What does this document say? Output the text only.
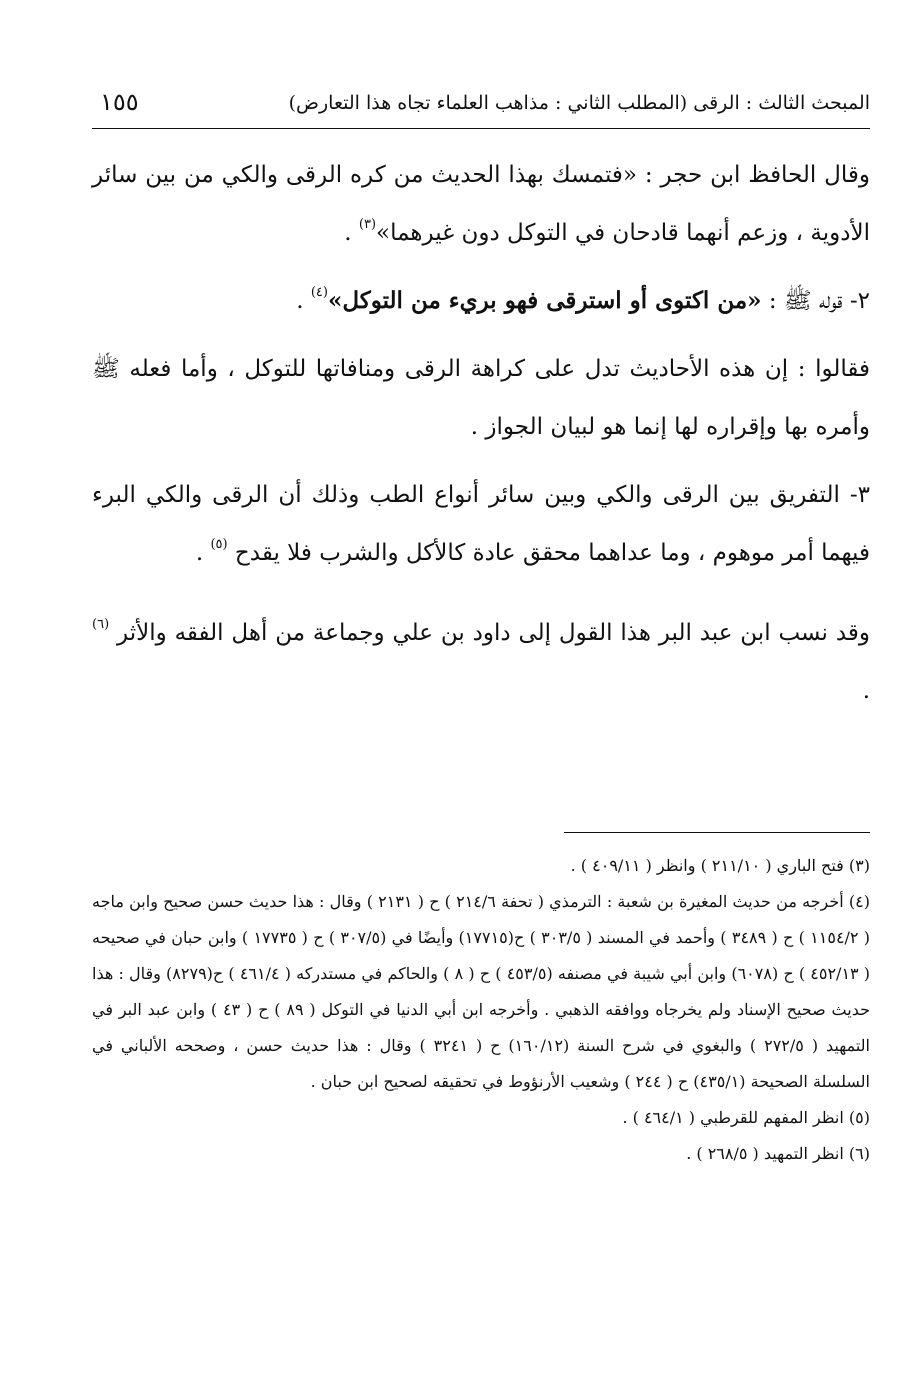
المبحث الثالث : الرقى (المطلب الثاني : مذاهب العلماء تجاه هذا التعارض)
١٥٥

وقال الحافظ ابن حجر : «فتمسك بهذا الحديث من كره الرقى والكي من بين سائر الأدوية ، وزعم أنهما قادحان في التوكل دون غيرهما»$^{(٣)}$ .

٢- قوله ﷺ : «من اكتوى أو استرقى فهو بريء من التوكل»$^{(٤)}$ .

فقالوا : إن هذه الأحاديث تدل على كراهة الرقى ومنافاتها للتوكل ، وأما فعله ﷺ وأمره بها وإقراره لها إنما هو لبيان الجواز .

٣- التفريق بين الرقى والكي وبين سائر أنواع الطب وذلك أن الرقى والكي البرء فيهما أمر موهوم ، وما عداهما محقق عادة كالأكل والشرب فلا يقدح $^{(٥)}$ .

وقد نسب ابن عبد البر هذا القول إلى داود بن علي وجماعة من أهل الفقه والأثر $^{(٦)}$ .

(٣) فتح الباري ( ٢١١/١٠ ) وانظر ( ٤٠٩/١١ ) .

(٤) أخرجه من حديث المغيرة بن شعبة : الترمذي ( تحفة ٢١٤/٦ ) ح ( ٢١٣١ ) وقال : هذا حديث حسن صحيح وابن ماجه ( ١١٥٤/٢ ) ح ( ٣٤٨٩ ) وأحمد في المسند ( ٣٠٣/٥ ) ح(١٧٧١٥) وأيضًا في (٣٠٧/٥ ) ح ( ١٧٧٣٥ ) وابن حبان في صحيحه ( ٤٥٢/١٣ ) ح (٦٠٧٨) وابن أبي شيبة في مصنفه (٤٥٣/٥ ) ح ( ٨ ) والحاكم في مستدركه ( ٤٦١/٤ ) ح(٨٢٧٩) وقال : هذا حديث صحيح الإسناد ولم يخرجاه ووافقه الذهبي . وأخرجه ابن أبي الدنيا في التوكل ( ٨٩ ) ح ( ٤٣ ) وابن عبد البر في التمهيد ( ٢٧٢/٥ ) والبغوي في شرح السنة (١٦٠/١٢) ح ( ٣٢٤١ ) وقال : هذا حديث حسن ، وصححه الألباني في السلسلة الصحيحة (٤٣٥/١) ح ( ٢٤٤ ) وشعيب الأرنؤوط في تحقيقه لصحيح ابن حبان .

(٥) انظر المفهم للقرطبي ( ٤٦٤/١ ) .

(٦) انظر التمهيد ( ٢٦٨/٥ ) .
